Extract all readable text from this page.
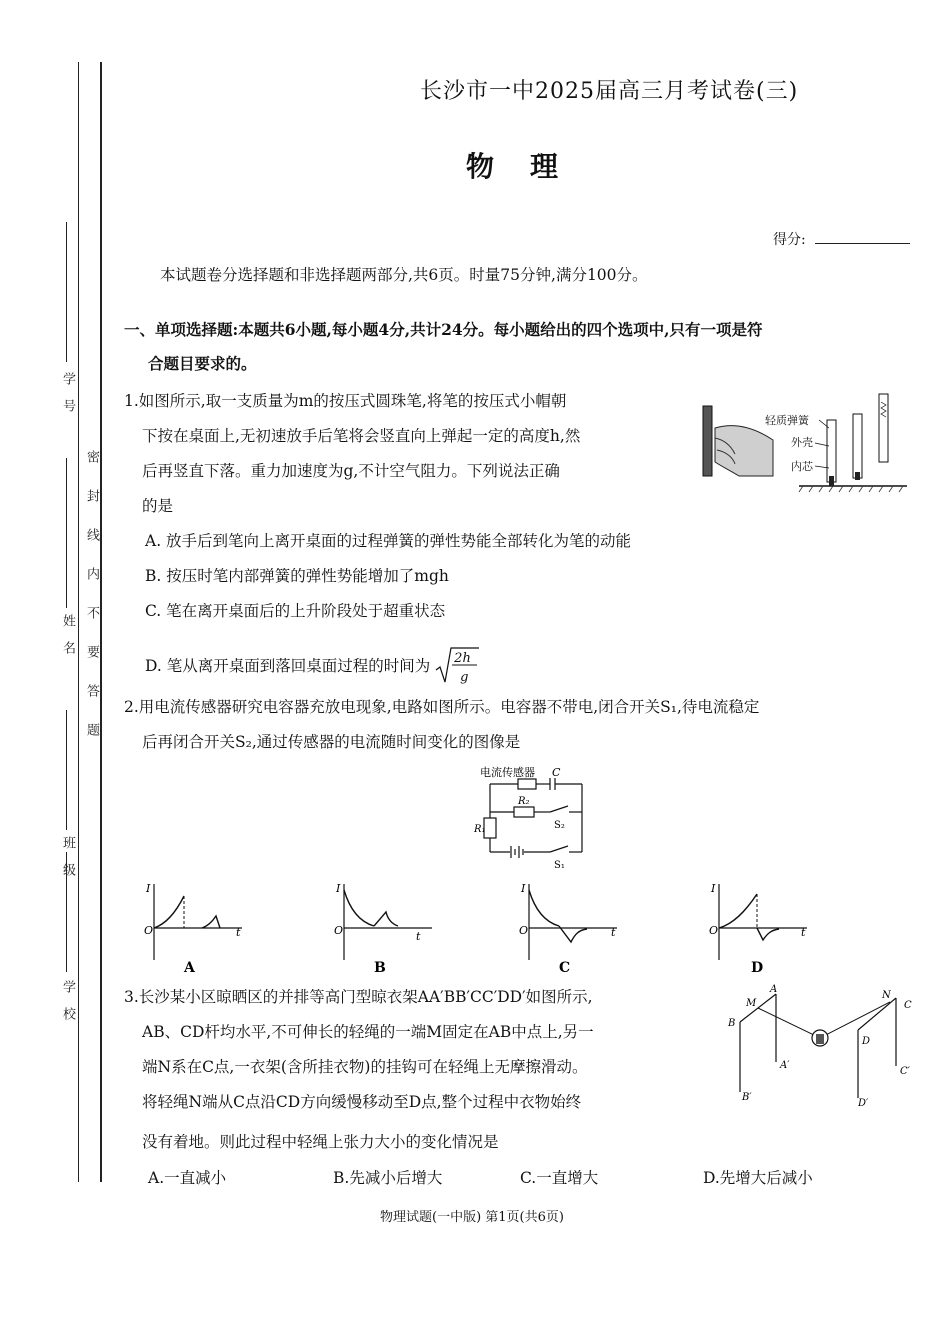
学号
姓名
班级
学校
密封线内不要答题
长沙市一中2025届高三月考试卷(三)
物理
得分:
本试题卷分选择题和非选择题两部分,共6页。时量75分钟,满分100分。
一、单项选择题:本题共6小题,每小题4分,共计24分。每小题给出的四个选项中,只有一项是符
合题目要求的。
1.如图所示,取一支质量为m的按压式圆珠笔,将笔的按压式小帽朝
下按在桌面上,无初速放手后笔将会竖直向上弹起一定的高度h,然
后再竖直下落。重力加速度为g,不计空气阻力。下列说法正确
的是
A. 放手后到笔向上离开桌面的过程弹簧的弹性势能全部转化为笔的动能
B. 按压时笔内部弹簧的弹性势能增加了mgh
C. 笔在离开桌面后的上升阶段处于超重状态
D. 笔从离开桌面到落回桌面过程的时间为 2h
g
轻质弹簧
外壳
内芯
2.用电流传感器研究电容器充放电现象,电路如图所示。电容器不带电,闭合开关S₁,待电流稳定
后再闭合开关S₂,通过传感器的电流随时间变化的图像是
电流传感器 C
R₂
R₁	S₂
S₁
I
O	t
A
I
O	t
B
I
O	t
C
I
O	t
D
3.长沙某小区晾晒区的并排等高门型晾衣架AA′BB′CC′DD′如图所示,
AB、CD杆均水平,不可伸长的轻绳的一端M固定在AB中点上,另一
端N系在C点,一衣架(含所挂衣物)的挂钩可在轻绳上无摩擦滑动。
将轻绳N端从C点沿CD方向缓慢移动至D点,整个过程中衣物始终
没有着地。则此过程中轻绳上张力大小的变化情况是
M
A
B
A′
B′
N
C
D
C′
D′
A.一直减小	B.先减小后增大	C.一直增大	D.先增大后减小
物理试题(一中版) 第1页(共6页)
